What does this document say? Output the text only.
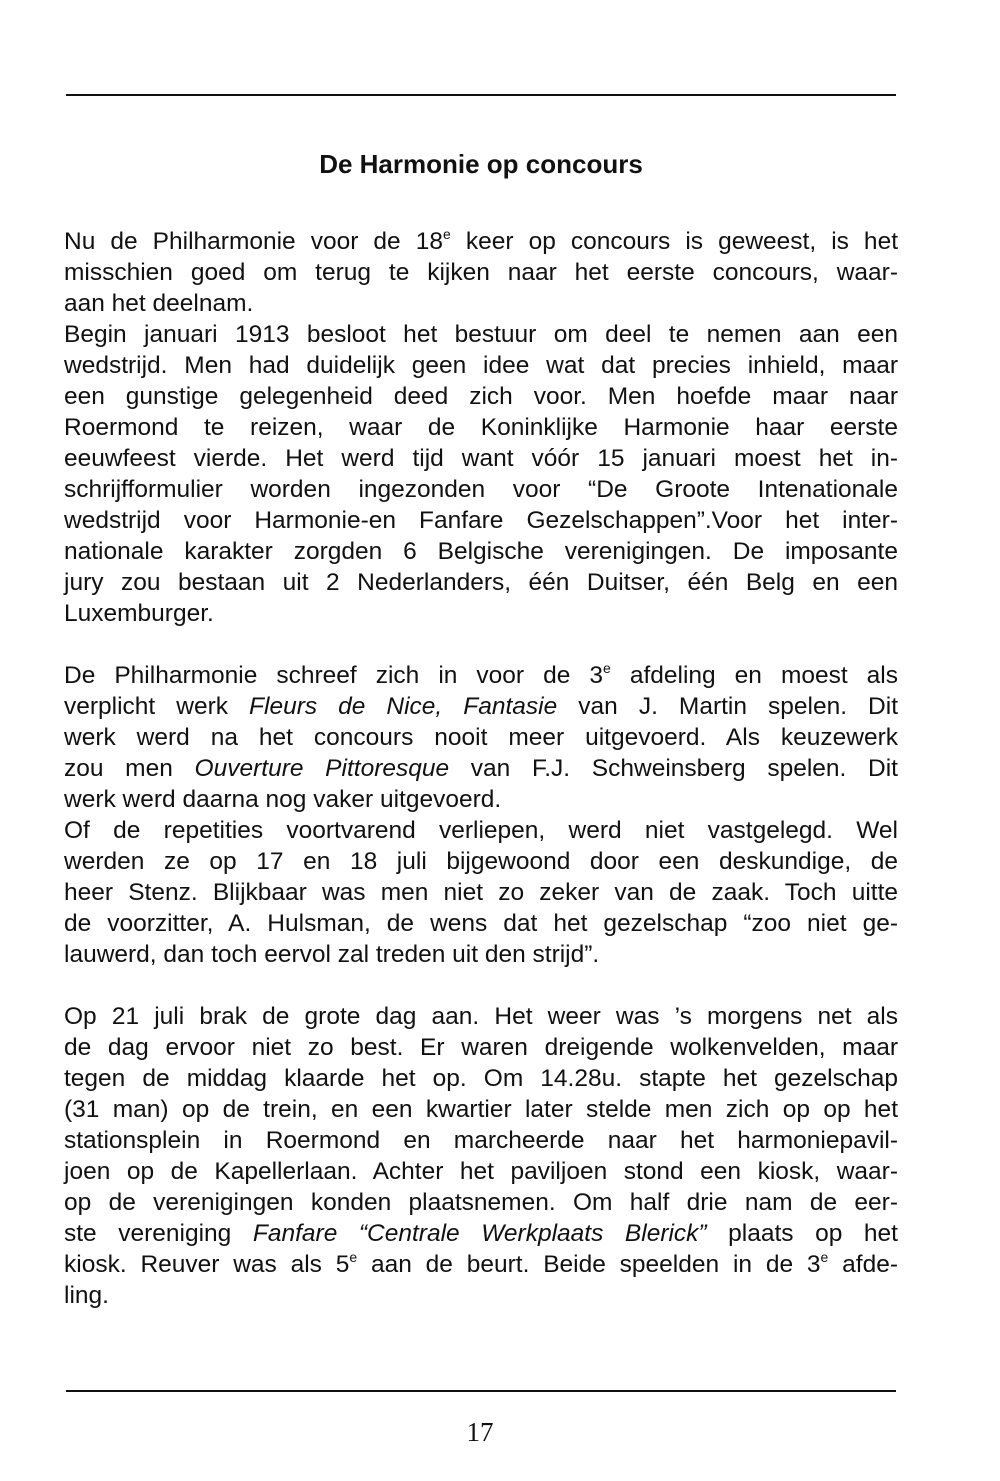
De Harmonie op concours
Nu de Philharmonie voor de 18e keer op concours is geweest, is het
misschien goed om terug te kijken naar het eerste concours, waar-
aan het deelnam.
Begin januari 1913 besloot het bestuur om deel te nemen aan een
wedstrijd. Men had duidelijk geen idee wat dat precies inhield, maar
een gunstige gelegenheid deed zich voor. Men hoefde maar naar
Roermond te reizen, waar de Koninklijke Harmonie haar eerste
eeuwfeest vierde. Het werd tijd want vóór 15 januari moest het in-
schrijfformulier worden ingezonden voor “De Groote Intenationale
wedstrijd voor Harmonie-en Fanfare Gezelschappen”.Voor het inter-
nationale karakter zorgden 6 Belgische verenigingen. De imposante
jury zou bestaan uit 2 Nederlanders, één Duitser, één Belg en een
Luxemburger.
De Philharmonie schreef zich in voor de 3e afdeling en moest als
verplicht werk Fleurs de Nice, Fantasie van J. Martin spelen. Dit
werk werd na het concours nooit meer uitgevoerd. Als keuzewerk
zou men Ouverture Pittoresque van F.J. Schweinsberg spelen. Dit
werk werd daarna nog vaker uitgevoerd.
Of de repetities voortvarend verliepen, werd niet vastgelegd. Wel
werden ze op 17 en 18 juli bijgewoond door een deskundige, de
heer Stenz. Blijkbaar was men niet zo zeker van de zaak. Toch uitte
de voorzitter, A. Hulsman, de wens dat het gezelschap “zoo niet ge-
lauwerd, dan toch eervol zal treden uit den strijd”.
Op 21 juli brak de grote dag aan. Het weer was ’s morgens net als
de dag ervoor niet zo best. Er waren dreigende wolkenvelden, maar
tegen de middag klaarde het op. Om 14.28u. stapte het gezelschap
(31 man) op de trein, en een kwartier later stelde men zich op op het
stationsplein in Roermond en marcheerde naar het harmoniepavil-
joen op de Kapellerlaan. Achter het paviljoen stond een kiosk, waar-
op de verenigingen konden plaatsnemen. Om half drie nam de eer-
ste vereniging Fanfare “Centrale Werkplaats Blerick” plaats op het
kiosk. Reuver was als 5e aan de beurt. Beide speelden in de 3e afde-
ling.
17
